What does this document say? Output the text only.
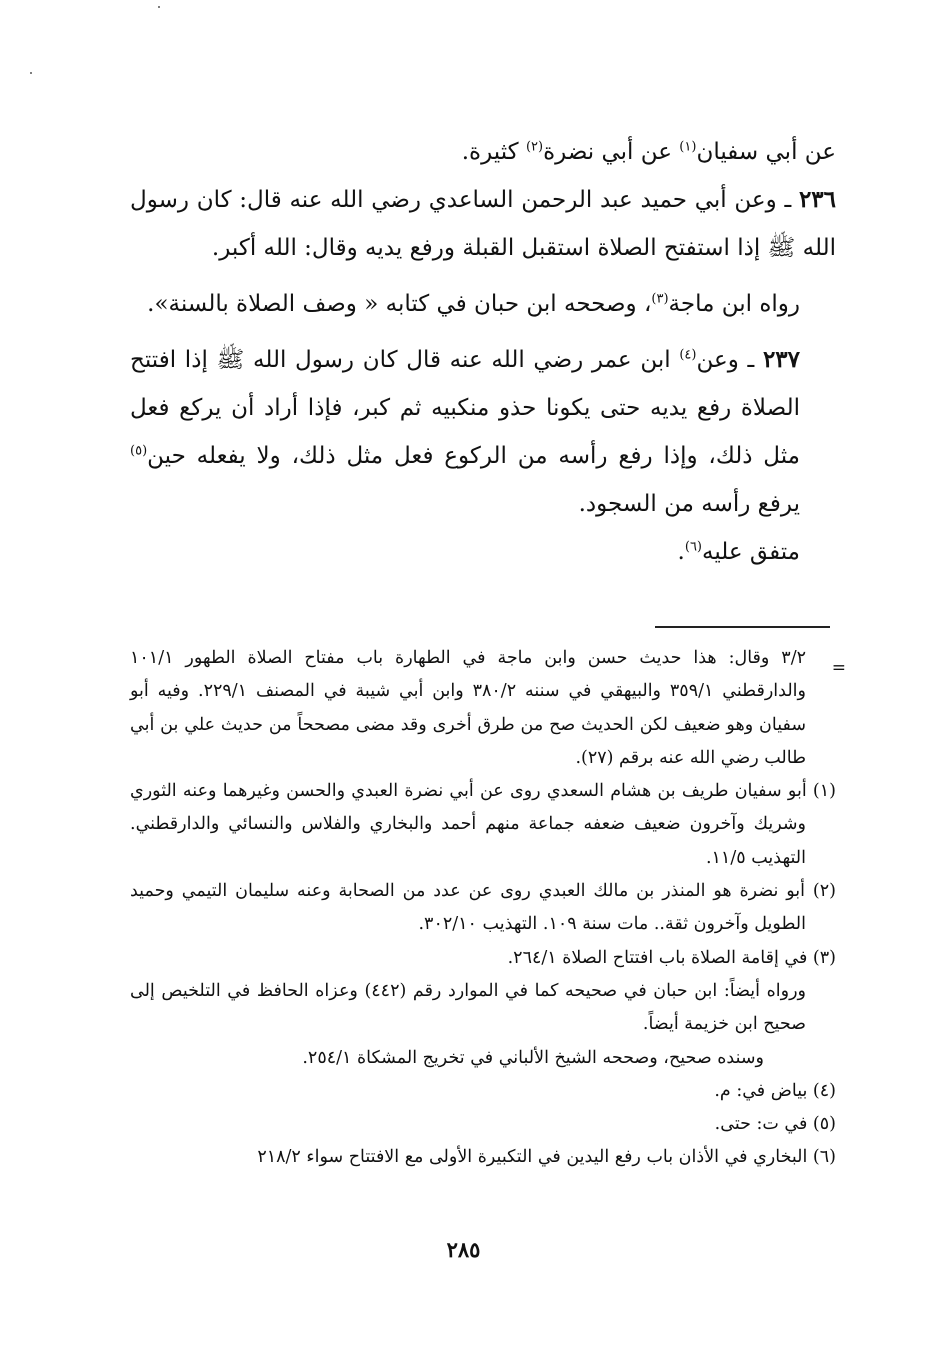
عن أبي سفيان$^{(١)}$ عن أبي نضرة$^{(٢)}$ كثيرة.

٢٣٦ ـ وعن أبي حميد عبد الرحمن الساعدي رضي الله عنه قال: كان رسول الله ﷺ إذا استفتح الصلاة استقبل القبلة ورفع يديه وقال: الله أكبر.

رواه ابن ماجة$^{(٣)}$، وصححه ابن حبان في كتابه « وصف الصلاة بالسنة».

٢٣٧ ـ وعن$^{(٤)}$ ابن عمر رضي الله عنه قال كان رسول الله ﷺ إذا افتتح الصلاة رفع يديه حتى يكونا حذو منكبيه ثم كبر، فإذا أراد أن يركع فعل مثل ذلك، وإذا رفع رأسه من الركوع فعل مثل ذلك، ولا يفعله حين$^{(٥)}$ يرفع رأسه من السجود.

متفق عليه$^{(٦)}$.

=

٣/٢ وقال: هذا حديث حسن وابن ماجة في الطهارة باب مفتاح الصلاة الطهور ١٠١/١ والدارقطني ٣٥٩/١ والبيهقي في سننه ٣٨٠/٢ وابن أبي شيبة في المصنف ٢٢٩/١. وفيه أبو سفيان وهو ضعيف لكن الحديث صح من طرق أخرى وقد مضى مصححاً من حديث علي بن أبي طالب رضي الله عنه برقم (٢٧).

(١) أبو سفيان طريف بن هشام السعدي روى عن أبي نضرة العبدي والحسن وغيرهما وعنه الثوري وشريك وآخرون ضعيف ضعفه جماعة منهم أحمد والبخاري والفلاس والنسائي والدارقطني. التهذيب ١١/٥.

(٢) أبو نضرة هو المنذر بن مالك العبدي روى عن عدد من الصحابة وعنه سليمان التيمي وحميد الطويل وآخرون ثقة.. مات سنة ١٠٩. التهذيب ٣٠٢/١٠.

(٣) في إقامة الصلاة باب افتتاح الصلاة ٢٦٤/١.

ورواه أيضاً: ابن حبان في صحيحه كما في الموارد رقم (٤٤٢) وعزاه الحافظ في التلخيص إلى صحيح ابن خزيمة أيضاً.

وسنده صحيح، وصححه الشيخ الألباني في تخريج المشكاة ٢٥٤/١.

(٤) بياض في: م.

(٥) في ت: حتى.

(٦) البخاري في الأذان باب رفع اليدين في التكبيرة الأولى مع الافتتاح سواء ٢١٨/٢

٢٨٥
